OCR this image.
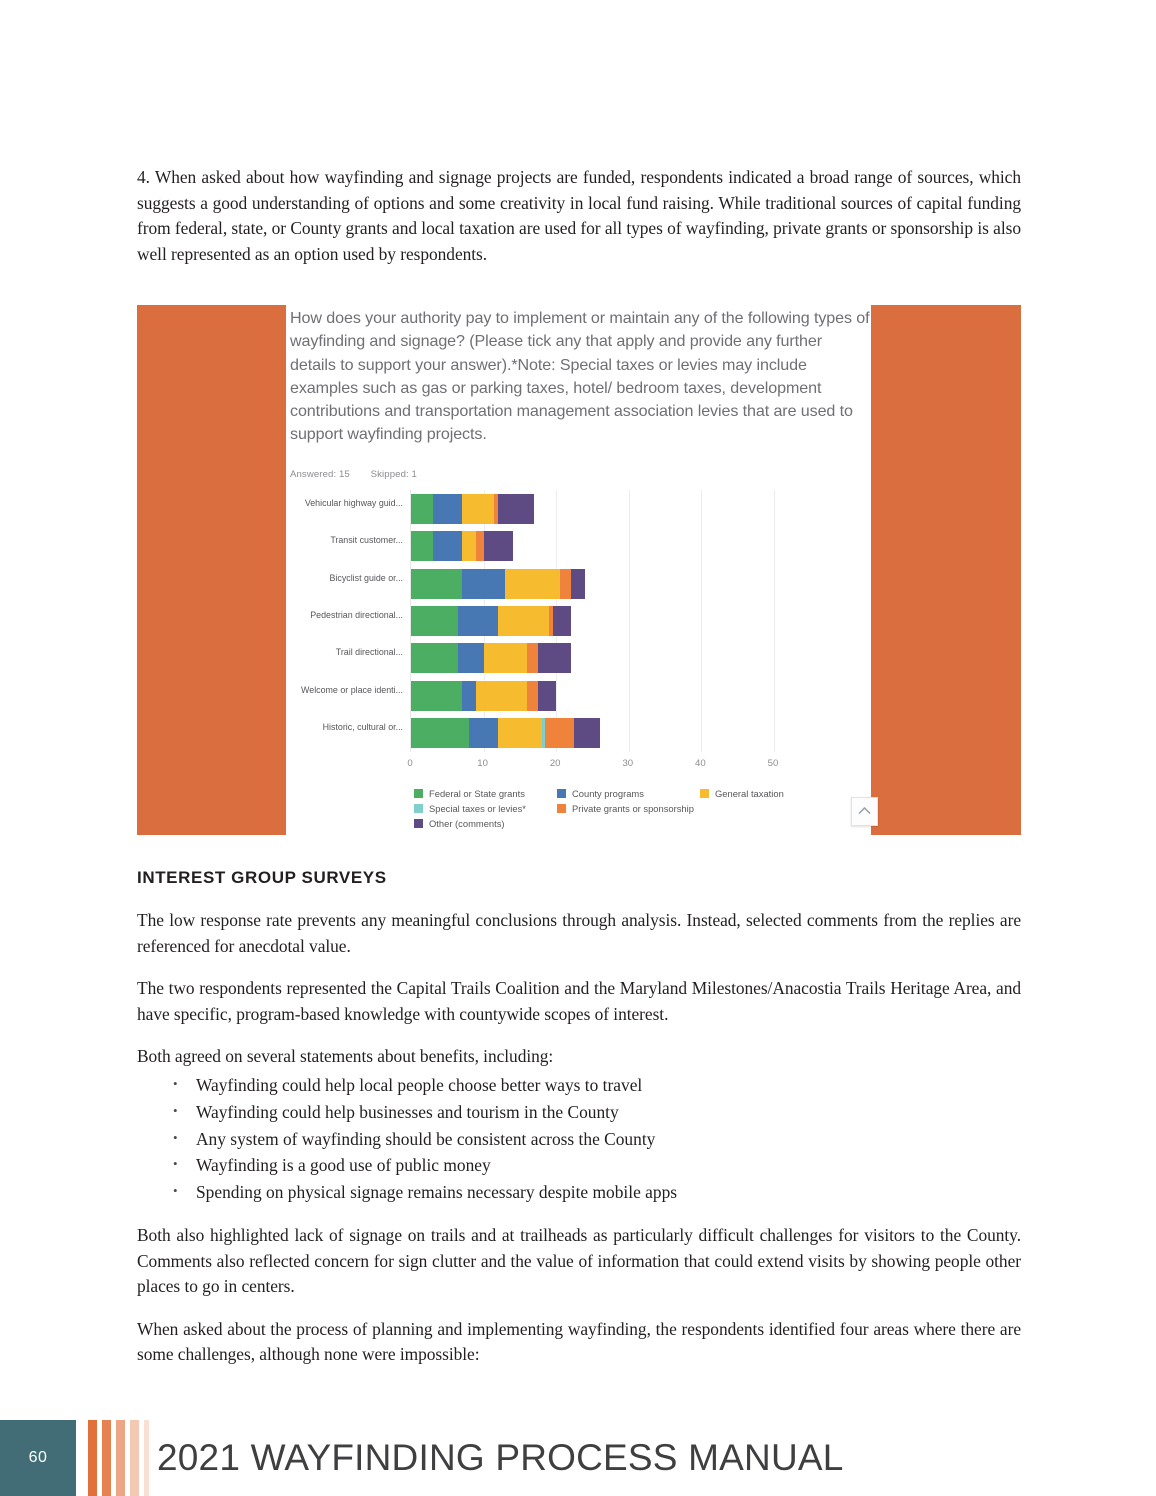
4. When asked about how wayfinding and signage projects are funded, respondents indicated a broad range of sources, which suggests a good understanding of options and some creativity in local fund raising. While traditional sources of capital funding from federal, state, or County grants and local taxation are used for all types of wayfinding, private grants or sponsorship is also well represented as an option used by respondents.

How does your authority pay to implement or maintain any of the following types of wayfinding and signage? (Please tick any that apply and provide any further details to support your answer).*Note: Special taxes or levies may include examples such as gas or parking taxes, hotel/ bedroom taxes, development contributions and transportation management association levies that are used to support wayfinding projects.
Answered: 15 Skipped: 1
Vehicular highway guid...
Transit customer...
Bicyclist guide or...
Pedestrian directional...
Trail directional...
Welcome or place identi...
Historic, cultural or...
0	10	20	30	40	50
Federal or State grants	County programs	General taxation
Special taxes or levies*	Private grants or sponsorship
Other (comments)
INTEREST GROUP SURVEYS

The low response rate prevents any meaningful conclusions through analysis. Instead, selected comments from the replies are referenced for anecdotal value.

The two respondents represented the Capital Trails Coalition and the Maryland Milestones/Anacostia Trails Heritage Area, and have specific, program-based knowledge with countywide scopes of interest.

Both agreed on several statements about benefits, including:

• Wayfinding could help local people choose better ways to travel
• Wayfinding could help businesses and tourism in the County
• Any system of wayfinding should be consistent across the County
• Wayfinding is a good use of public money
• Spending on physical signage remains necessary despite mobile apps

Both also highlighted lack of signage on trails and at trailheads as particularly difficult challenges for visitors to the County. Comments also reflected concern for sign clutter and the value of information that could extend visits by showing people other places to go in centers.

When asked about the process of planning and implementing wayfinding, the respondents identified four areas where there are some challenges, although none were impossible:

60	2021 WAYFINDING PROCESS MANUAL
